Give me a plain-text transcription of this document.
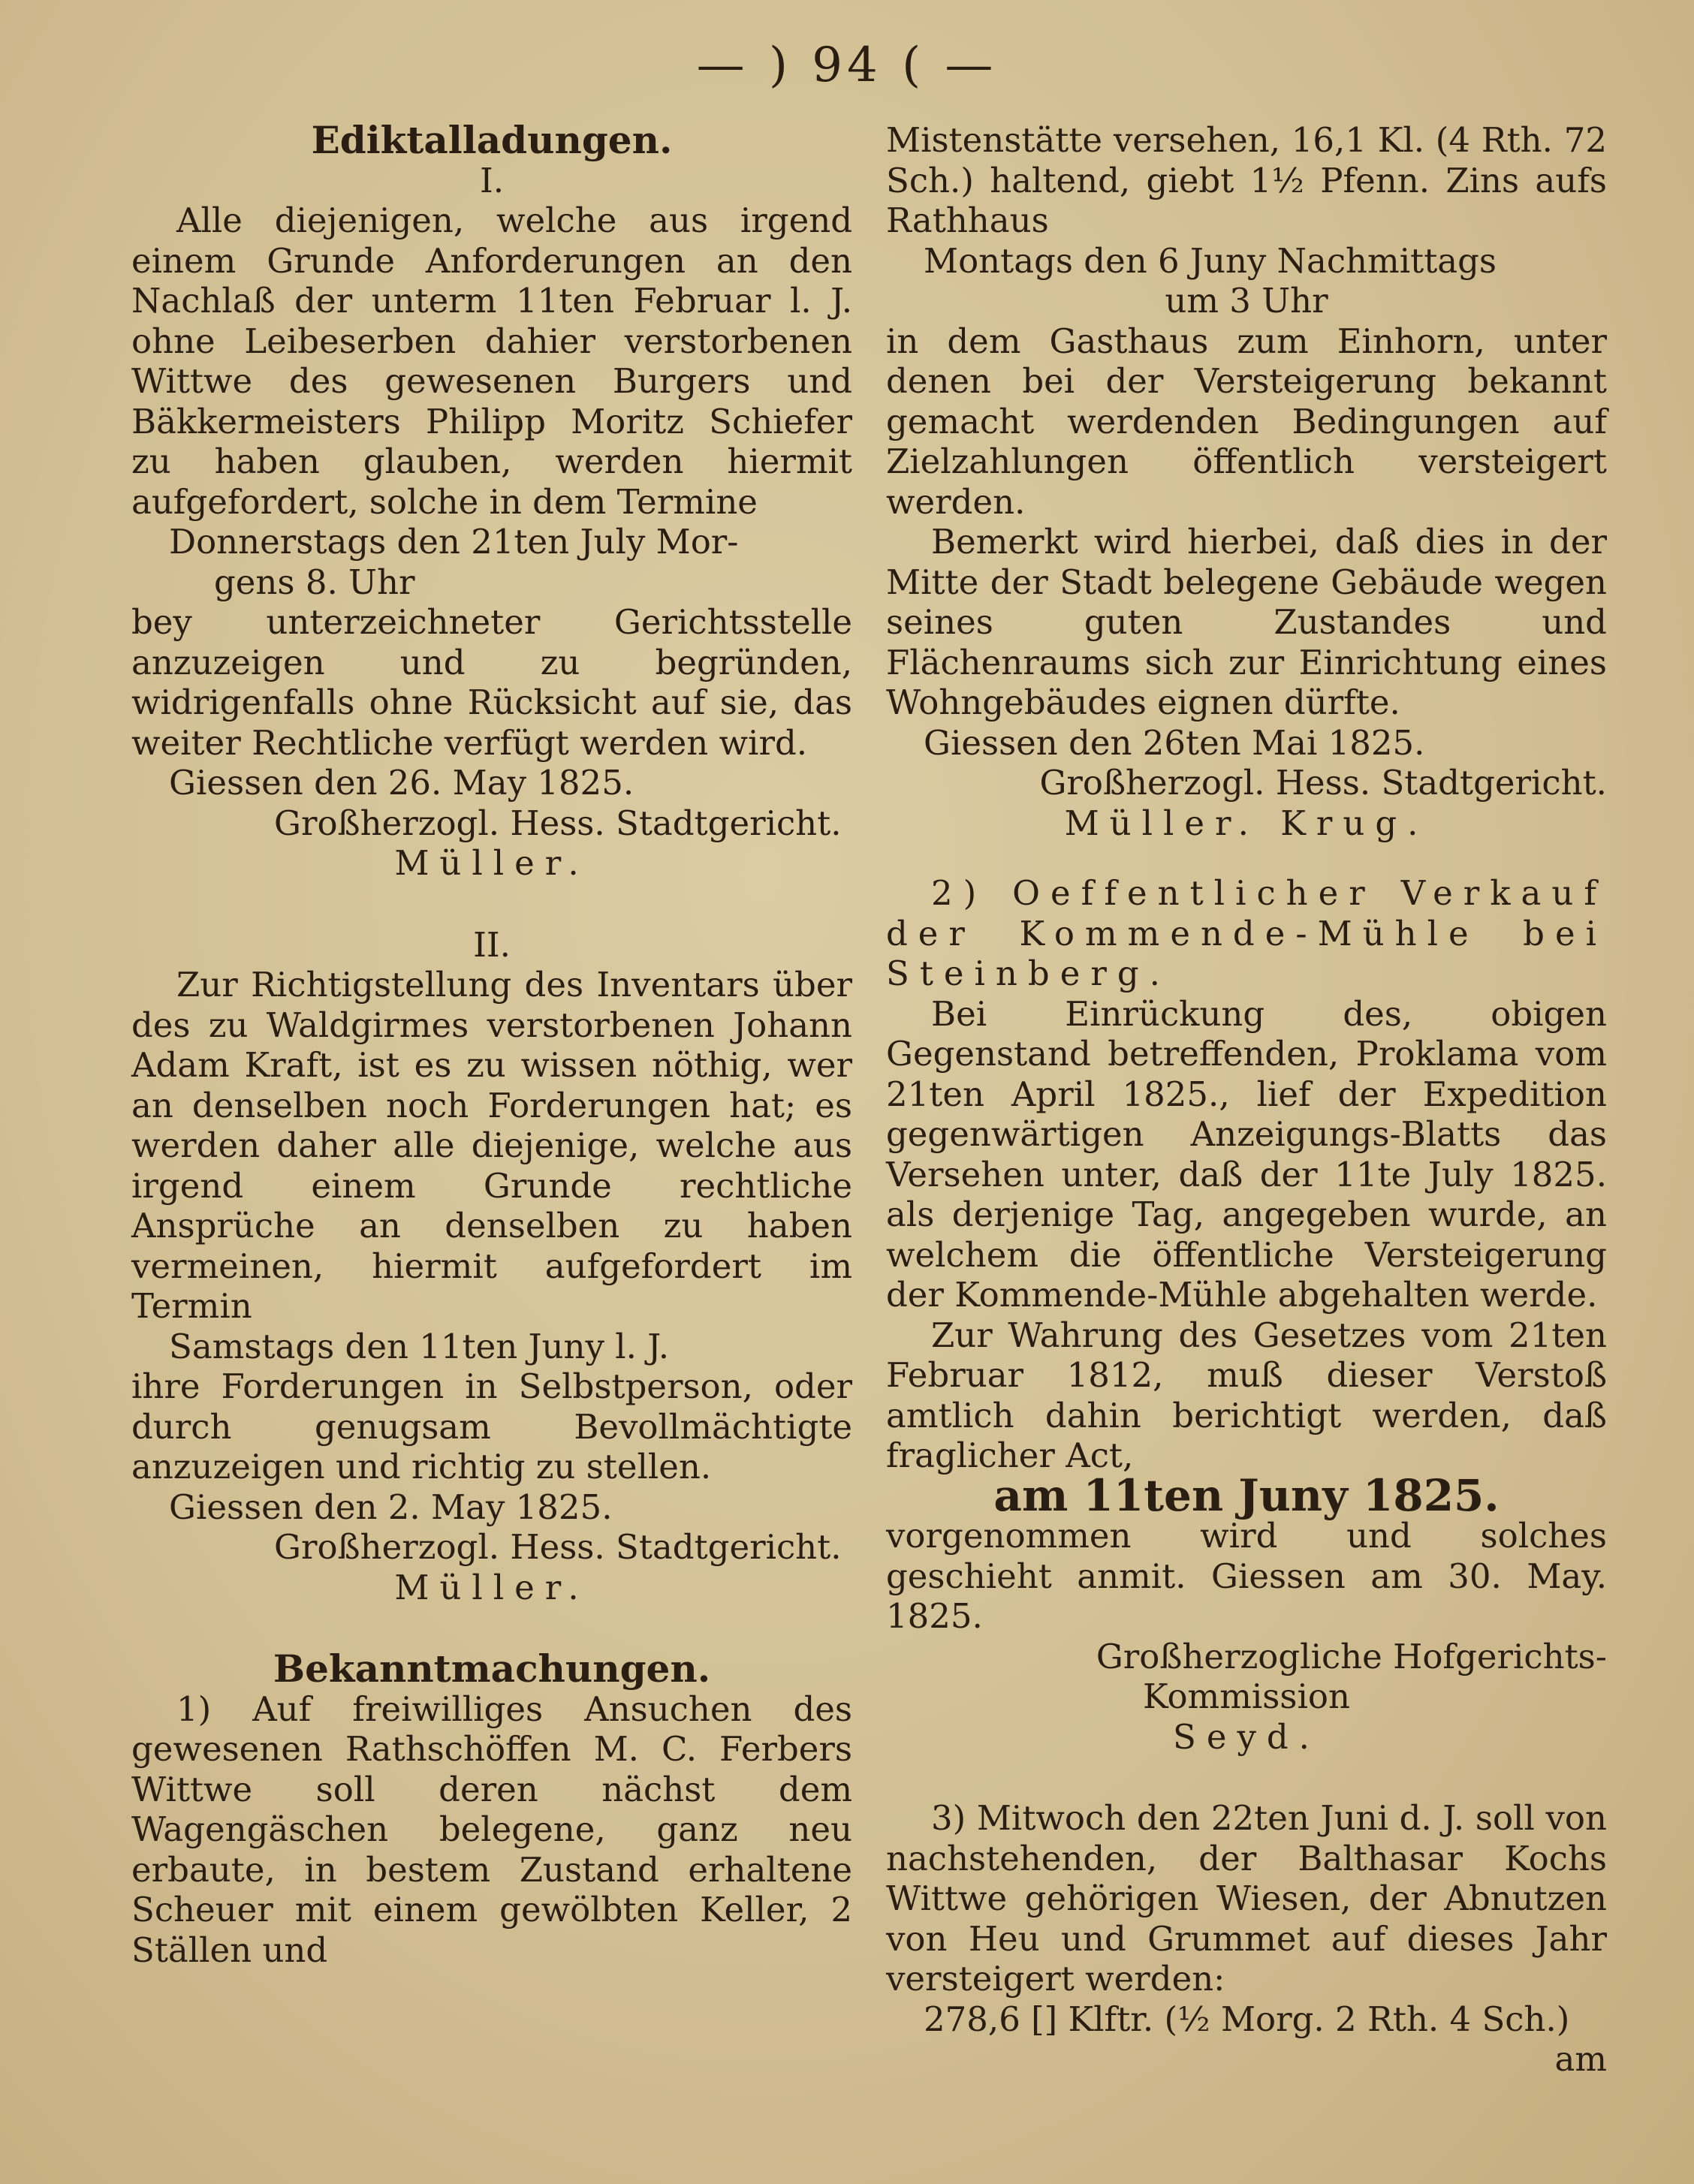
— ) 94 ( —

Ediktalladungen.

I.

Alle diejenigen, welche aus irgend einem Grunde Anforderungen an den Nachlaß der unterm 11ten Februar l. J. ohne Leibeserben dahier verstorbenen Wittwe des gewesenen Burgers und Bäkkermeisters Philipp Moritz Schiefer zu haben glauben, werden hiermit aufgefordert, solche in dem Termine

Donnerstags den 21ten July Mor-

gens 8. Uhr

bey unterzeichneter Gerichtsstelle anzuzeigen und zu begründen, widrigenfalls ohne Rücksicht auf sie, das weiter Rechtliche verfügt werden wird.

Giessen den 26. May 1825.

Großherzogl. Hess. Stadtgericht.

Müller.

II.

Zur Richtigstellung des Inventars über des zu Waldgirmes verstorbenen Johann Adam Kraft, ist es zu wissen nöthig, wer an denselben noch Forderungen hat; es werden daher alle diejenige, welche aus irgend einem Grunde rechtliche Ansprüche an denselben zu haben vermeinen, hiermit aufgefordert im Termin

Samstags den 11ten Juny l. J.

ihre Forderungen in Selbstperson, oder durch genugsam Bevollmächtigte anzuzeigen und richtig zu stellen.

Giessen den 2. May 1825.

Großherzogl. Hess. Stadtgericht.

Müller.

Bekanntmachungen.

1) Auf freiwilliges Ansuchen des gewesenen Rathschöffen M. C. Ferbers Wittwe soll deren nächst dem Wagengäschen belegene, ganz neu erbaute, in bestem Zustand erhaltene Scheuer mit einem gewölbten Keller, 2 Ställen und

Mistenstätte versehen, 16,1 Kl. (4 Rth. 72 Sch.) haltend, giebt 1½ Pfenn. Zins aufs Rathhaus

Montags den 6 Juny Nachmittags

um 3 Uhr

in dem Gasthaus zum Einhorn, unter denen bei der Versteigerung bekannt gemacht werdenden Bedingungen auf Zielzahlungen öffentlich versteigert werden.

Bemerkt wird hierbei, daß dies in der Mitte der Stadt belegene Gebäude wegen seines guten Zustandes und Flächenraums sich zur Einrichtung eines Wohngebäudes eignen dürfte.

Giessen den 26ten Mai 1825.

Großherzogl. Hess. Stadtgericht.

Müller. Krug.

2) Oeffentlicher Verkauf der Kommende-Mühle bei Steinberg.

Bei Einrückung des, obigen Gegenstand betreffenden, Proklama vom 21ten April 1825., lief der Expedition gegenwärtigen Anzeigungs-Blatts das Versehen unter, daß der 11te July 1825. als derjenige Tag, angegeben wurde, an welchem die öffentliche Versteigerung der Kommende-Mühle abgehalten werde.

Zur Wahrung des Gesetzes vom 21ten Februar 1812, muß dieser Verstoß amtlich dahin berichtigt werden, daß fraglicher Act,

am 11ten Juny 1825.

vorgenommen wird und solches geschieht anmit. Giessen am 30. May. 1825.

Großherzogliche Hofgerichts-

Kommission

Seyd.

3) Mitwoch den 22ten Juni d. J. soll von nachstehenden, der Balthasar Kochs Wittwe gehörigen Wiesen, der Abnutzen von Heu und Grummet auf dieses Jahr versteigert werden:

278,6 [] Klftr. (½ Morg. 2 Rth. 4 Sch.)

am
